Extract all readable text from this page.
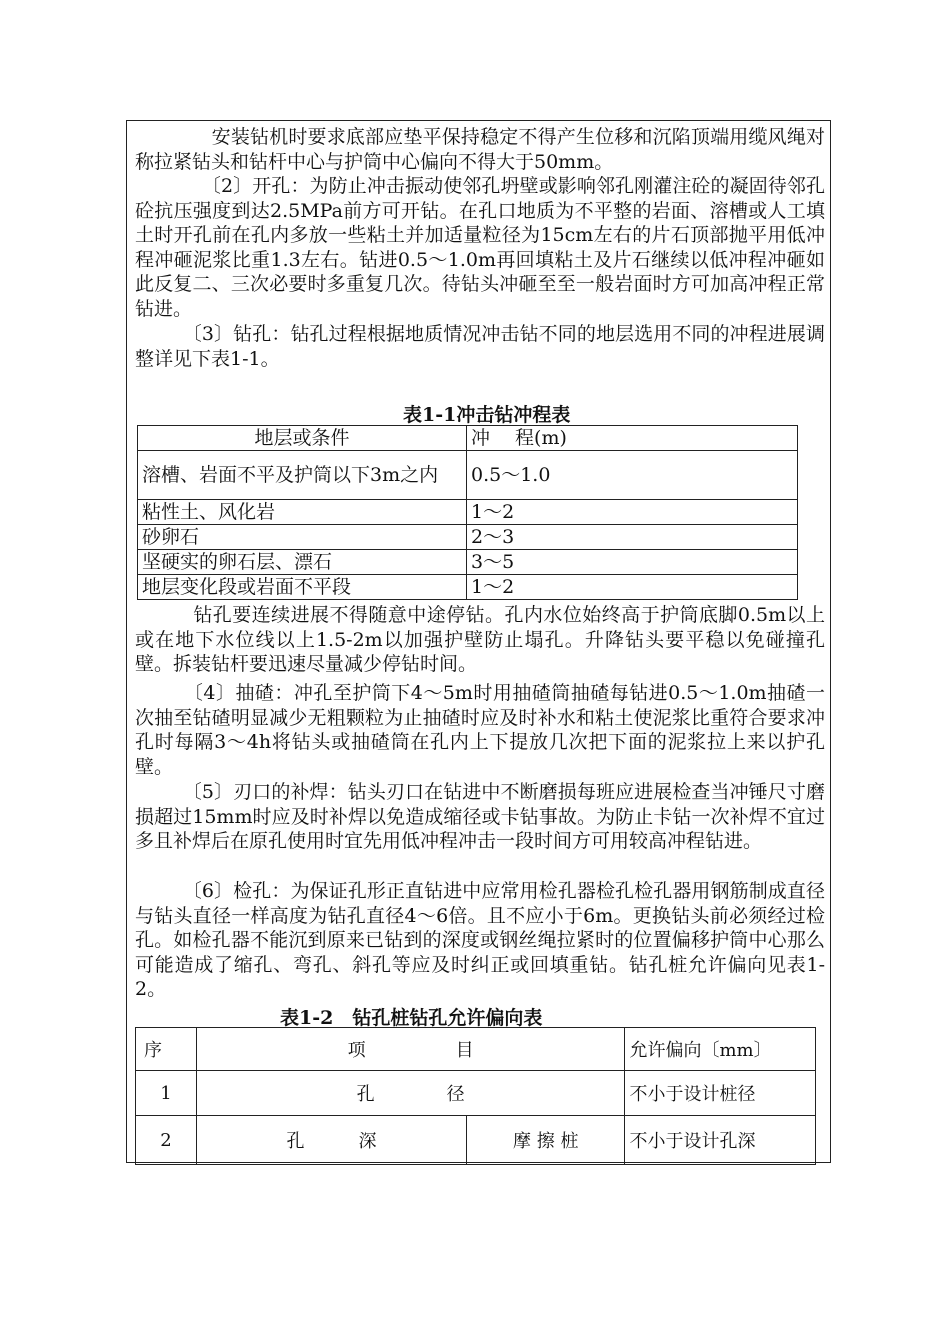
　　　　安装钻机时要求底部应垫平保持稳定不得产生位移和沉陷顶端用缆风绳对称拉紧钻头和钻杆中心与护筒中心偏向不得大于50mm。

　　　　〔2〕开孔：为防止冲击振动使邻孔坍壁或影响邻孔刚灌注砼的凝固待邻孔砼抗压强度到达2.5MPa前方可开钻。在孔口地质为不平整的岩面、溶槽或人工填土时开孔前在孔内多放一些粘土并加适量粒径为15cm左右的片石顶部抛平用低冲程冲砸泥浆比重1.3左右。钻进0.5～1.0m再回填粘土及片石继续以低冲程冲砸如此反复二、三次必要时多重复几次。待钻头冲砸至至一般岩面时方可加高冲程正常钻进。

　　　〔3〕钻孔：钻孔过程根据地质情况冲击钻不同的地层选用不同的冲程进展调整详见下表1-1。

表1-1冲击钻冲程表
地层或条件	冲　 程(m)
溶槽、岩面不平及护筒以下3m之内	0.5～1.0
粘性土、风化岩	1～2
砂卵石	2～3
坚硬实的卵石层、漂石	3～5
地层变化段或岩面不平段	1～2

　　　钻孔要连续进展不得随意中途停钻。孔内水位始终高于护筒底脚0.5m以上或在地下水位线以上1.5-2m以加强护壁防止塌孔。升降钻头要平稳以免碰撞孔壁。拆装钻杆要迅速尽量减少停钻时间。

　　　〔4〕抽碴：冲孔至护筒下4～5m时用抽碴筒抽碴每钻进0.5～1.0m抽碴一次抽至钻碴明显减少无粗颗粒为止抽碴时应及时补水和粘土使泥浆比重符合要求冲孔时每隔3～4h将钻头或抽碴筒在孔内上下提放几次把下面的泥浆拉上来以护孔壁。

　　　〔5〕刃口的补焊：钻头刃口在钻进中不断磨损每班应进展检查当冲锤尺寸磨损超过15mm时应及时补焊以免造成缩径或卡钻事故。为防止卡钻一次补焊不宜过多且补焊后在原孔使用时宜先用低冲程冲击一段时间方可用较高冲程钻进。

　　　〔6〕检孔：为保证孔形正直钻进中应常用检孔器检孔检孔器用钢筋制成直径与钻头直径一样高度为钻孔直径4～6倍。且不应小于6m。更换钻头前必须经过检孔。如检孔器不能沉到原来已钻到的深度或钢丝绳拉紧时的位置偏移护筒中心那么可能造成了缩孔、弯孔、斜孔等应及时纠正或回填重钻。钻孔桩允许偏向见表1-2。

表1-2　钻孔桩钻孔允许偏向表
序	项　　　　　目		允许偏向〔mm〕
1	孔　　　　径		不小于设计桩径
2	孔　　　深	摩 擦 桩	不小于设计孔深
